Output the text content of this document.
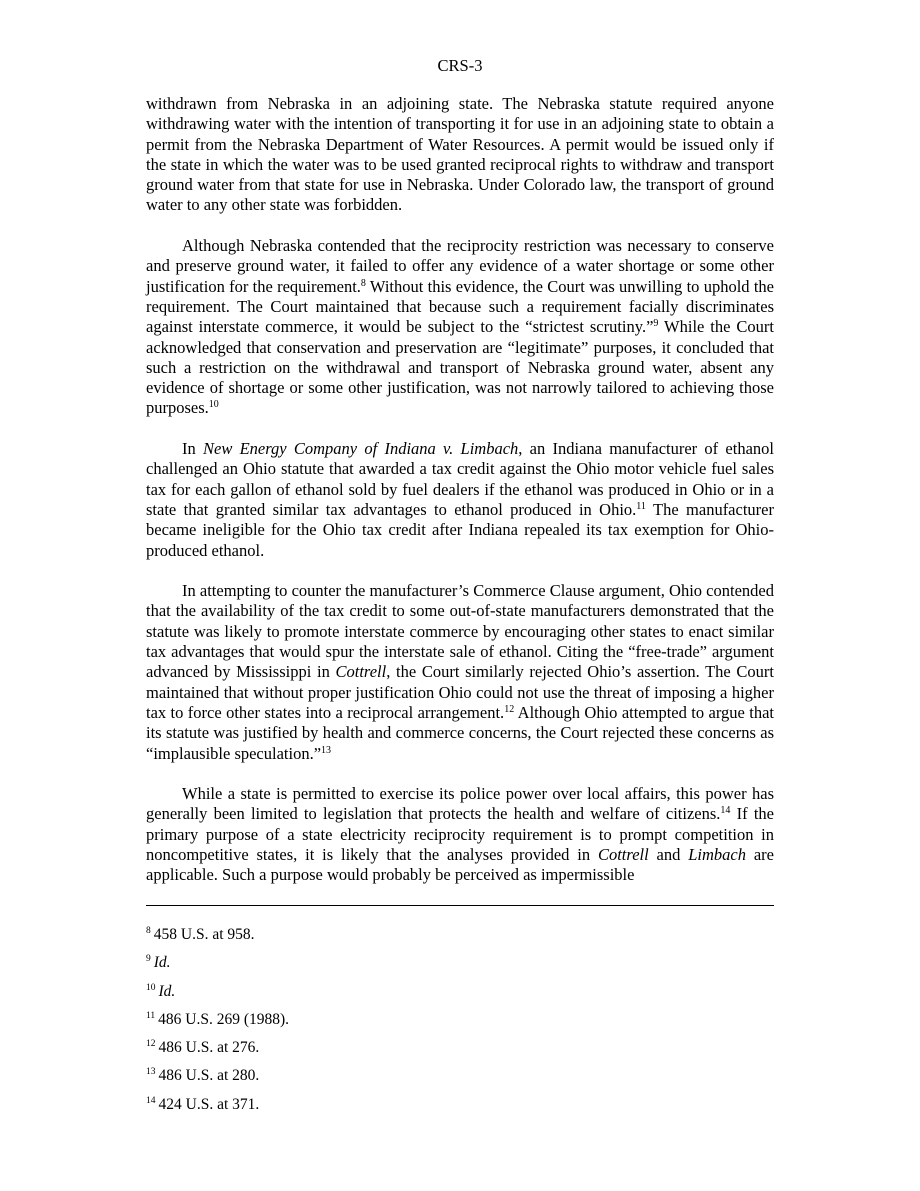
CRS-3

withdrawn from Nebraska in an adjoining state. The Nebraska statute required anyone withdrawing water with the intention of transporting it for use in an adjoining state to obtain a permit from the Nebraska Department of Water Resources. A permit would be issued only if the state in which the water was to be used granted reciprocal rights to withdraw and transport ground water from that state for use in Nebraska. Under Colorado law, the transport of ground water to any other state was forbidden.

Although Nebraska contended that the reciprocity restriction was necessary to conserve and preserve ground water, it failed to offer any evidence of a water shortage or some other justification for the requirement.$^8$ Without this evidence, the Court was unwilling to uphold the requirement. The Court maintained that because such a requirement facially discriminates against interstate commerce, it would be subject to the “strictest scrutiny.”$^9$ While the Court acknowledged that conservation and preservation are “legitimate” purposes, it concluded that such a restriction on the withdrawal and transport of Nebraska ground water, absent any evidence of shortage or some other justification, was not narrowly tailored to achieving those purposes.$^{10}$

In New Energy Company of Indiana v. Limbach, an Indiana manufacturer of ethanol challenged an Ohio statute that awarded a tax credit against the Ohio motor vehicle fuel sales tax for each gallon of ethanol sold by fuel dealers if the ethanol was produced in Ohio or in a state that granted similar tax advantages to ethanol produced in Ohio.$^{11}$ The manufacturer became ineligible for the Ohio tax credit after Indiana repealed its tax exemption for Ohio-produced ethanol.

In attempting to counter the manufacturer’s Commerce Clause argument, Ohio contended that the availability of the tax credit to some out-of-state manufacturers demonstrated that the statute was likely to promote interstate commerce by encouraging other states to enact similar tax advantages that would spur the interstate sale of ethanol. Citing the “free-trade” argument advanced by Mississippi in Cottrell, the Court similarly rejected Ohio’s assertion. The Court maintained that without proper justification Ohio could not use the threat of imposing a higher tax to force other states into a reciprocal arrangement.$^{12}$ Although Ohio attempted to argue that its statute was justified by health and commerce concerns, the Court rejected these concerns as “implausible speculation.”$^{13}$

While a state is permitted to exercise its police power over local affairs, this power has generally been limited to legislation that protects the health and welfare of citizens.$^{14}$ If the primary purpose of a state electricity reciprocity requirement is to prompt competition in noncompetitive states, it is likely that the analyses provided in Cottrell and Limbach are applicable. Such a purpose would probably be perceived as impermissible

$^8$ 458 U.S. at 958.
$^9$ Id.
$^{10}$ Id.
$^{11}$ 486 U.S. 269 (1988).
$^{12}$ 486 U.S. at 276.
$^{13}$ 486 U.S. at 280.
$^{14}$ 424 U.S. at 371.
